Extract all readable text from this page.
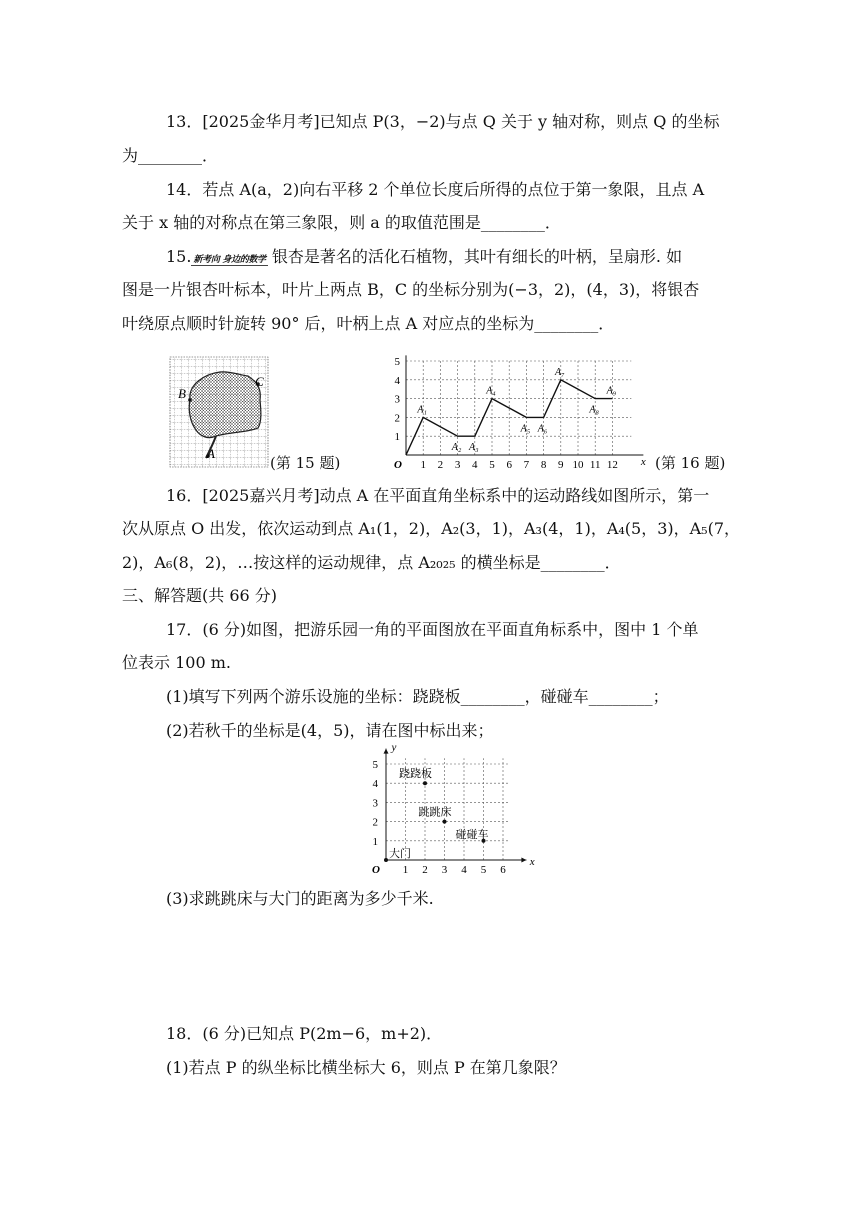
13．[2025金华月考]已知点 P(3，−2)与点 Q 关于 y 轴对称，则点 Q 的坐标
为________．
14．若点 A(a，2)向右平移 2 个单位长度后所得的点位于第一象限，且点 A
关于 x 轴的对称点在第三象限，则 a 的取值范围是________．
15. 新考向 身边的数学 银杏是著名的活化石植物，其叶有细长的叶柄，呈扇形. 如
图是一片银杏叶标本，叶片上两点 B，C 的坐标分别为(−3，2)，(4，3)，将银杏
叶绕原点顺时针旋转 90° 后，叶柄上点 A 对应点的坐标为________．
B
C
A
(第 15 题)	1 2 3 4 5 6 7 8 9 10 11 12
1
2
3
4
5
O	x
A₁
A₂ A₃
A₄
A₅ A₆
A₇
A₈
A₉
(第 16 题)
16．[2025嘉兴月考]动点 A 在平面直角坐标系中的运动路线如图所示，第一
次从原点 O 出发，依次运动到点 A₁(1，2)，A₂(3，1)，A₃(4，1)，A₄(5，3)，A₅(7，
2)，A₆(8，2)，…按这样的运动规律，点 A₂₀₂₅ 的横坐标是________．
三、解答题(共 66 分)
17．(6 分)如图，把游乐园一角的平面图放在平面直角标系中，图中 1 个单
位表示 100 m.
(1)填写下列两个游乐设施的坐标：跷跷板________，碰碰车________；
(2)若秋千的坐标是(4，5)，请在图中标出来；
1 2 3 4 5 6
1
2
3
4
5
O
x
y
跷跷板
跳跳床
碰碰车
大门
(3)求跳跳床与大门的距离为多少千米.
18．(6 分)已知点 P(2m−6，m+2)．
(1)若点 P 的纵坐标比横坐标大 6，则点 P 在第几象限？
